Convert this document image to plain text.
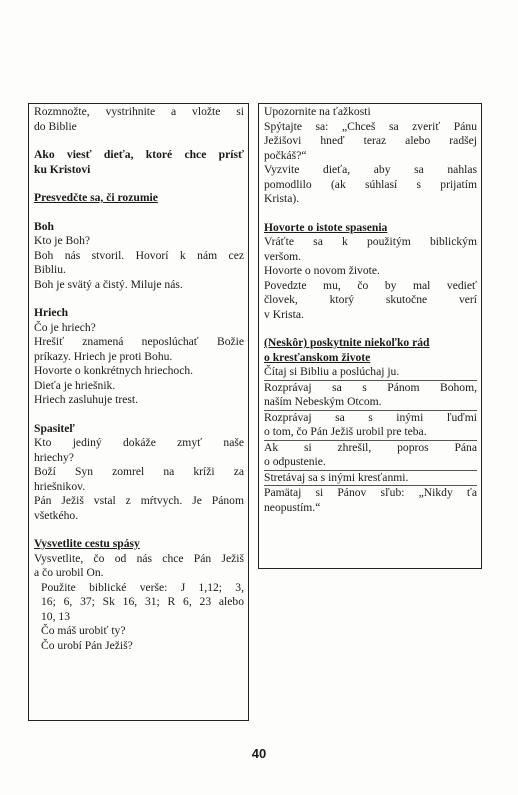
Rozmnožte, vystrihnite a vložte si
do Biblie
Ako viesť dieťa, ktoré chce prísť
ku Kristovi
Presvedčte sa, či rozumie
Boh
Kto je Boh?
Boh nás stvoril. Hovorí k nám cez
Bibliu.
Boh je svätý a čistý. Miluje nás.
Hriech
Čo je hriech?
Hrešiť znamená neposlúchať Božie
príkazy. Hriech je proti Bohu.
Hovorte o konkrétnych hriechoch.
Dieťa je hriešnik.
Hriech zasluhuje trest.
Spasiteľ
Kto jediný dokáže zmyť naše
hriechy?
Boží Syn zomrel na kríži za
hriešnikov.
Pán Ježiš vstal z mŕtvych. Je Pánom
všetkého.
Vysvetlite cestu spásy
Vysvetlite, čo od nás chce Pán Ježiš
a čo urobil On.
Použite biblické verše: J 1,12; 3,
16; 6, 37; Sk 16, 31; R 6, 23 alebo
10, 13
Čo máš urobiť ty?
Čo urobí Pán Ježiš?
Upozornite na ťažkosti
Spýtajte sa: „Chceš sa zveriť Pánu
Ježišovi hneď teraz alebo radšej
počkáš?“
Vyzvite dieťa, aby sa nahlas
pomodlilo (ak súhlasí s prijatím
Krista).
Hovorte o istote spasenia
Vráťte sa k použitým biblickým
veršom.
Hovorte o novom živote.
Povedzte mu, čo by mal vedieť
človek, ktorý skutočne verí
v Krista.
(Neskôr) poskytnite niekoľko rád
o kresťanskom živote
Čítaj si Bibliu a poslúchaj ju.
Rozprávaj sa s Pánom Bohom,
naším Nebeským Otcom.
Rozprávaj sa s inými ľuďmi
o tom, čo Pán Ježiš urobil pre teba.
Ak si zhrešil, popros Pána
o odpustenie.
Stretávaj sa s inými kresťanmi.
Pamätaj si Pánov sľub: „Nikdy ťa
neopustím.“
40
